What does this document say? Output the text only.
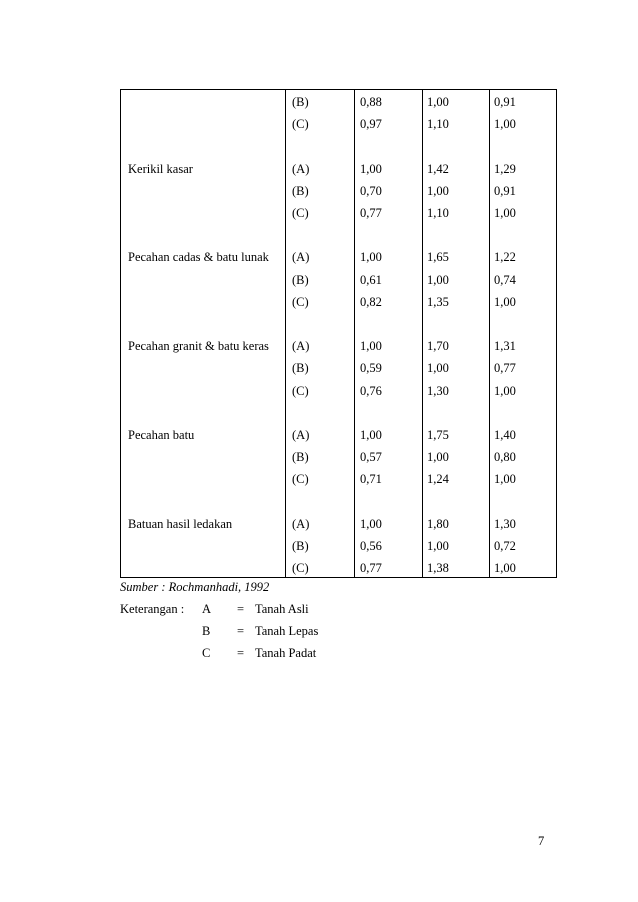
(B)	0,88	1,00	0,91
(C)	0,97	1,10	1,00
Kerikil kasar	(A)	1,00	1,42	1,29
(B)	0,70	1,00	0,91
(C)	0,77	1,10	1,00
Pecahan cadas & batu lunak (A)	1,00	1,65	1,22
(B)	0,61	1,00	0,74
(C)	0,82	1,35	1,00
Pecahan granit & batu keras (A)	1,00	1,70	1,31
(B)	0,59	1,00	0,77
(C)	0,76	1,30	1,00
Pecahan batu	(A)	1,00	1,75	1,40
(B)	0,57	1,00	0,80
(C)	0,71	1,24	1,00
Batuan hasil ledakan	(A)	1,00	1,80	1,30
(B)	0,56	1,00	0,72
(C)	0,77	1,38	1,00
Sumber : Rochmanhadi, 1992
Keterangan : A = Tanah Asli
B = Tanah Lepas
C = Tanah Padat
7
